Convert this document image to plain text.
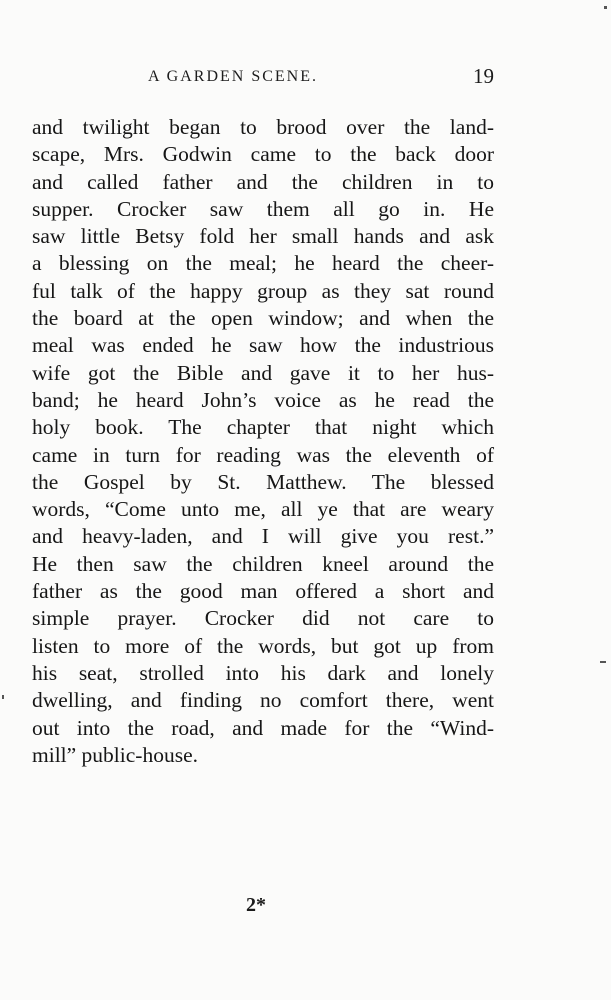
A GARDEN SCENE.	19
and twilight began to brood over the land-
scape, Mrs. Godwin came to the back door
and called father and the children in to
supper. Crocker saw them all go in. He
saw little Betsy fold her small hands and ask
a blessing on the meal; he heard the cheer-
ful talk of the happy group as they sat round
the board at the open window; and when the
meal was ended he saw how the industrious
wife got the Bible and gave it to her hus-
band; he heard John’s voice as he read the
holy book. The chapter that night which
came in turn for reading was the eleventh of
the Gospel by St. Matthew. The blessed
words, “Come unto me, all ye that are weary
and heavy-laden, and I will give you rest.”
He then saw the children kneel around the
father as the good man offered a short and
simple prayer. Crocker did not care to
listen to more of the words, but got up from
his seat, strolled into his dark and lonely
dwelling, and finding no comfort there, went
out into the road, and made for the “Wind-
mill” public-house.
2*
